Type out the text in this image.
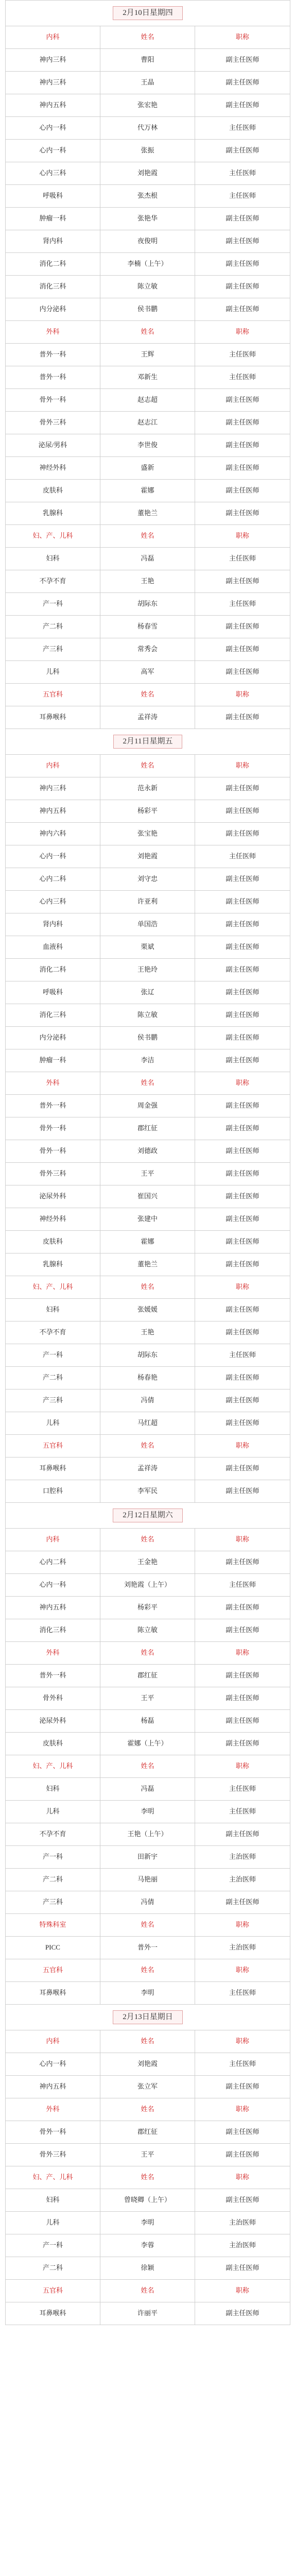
2月10日星期四		
内科	姓名	职称
神内三科	曹阳	副主任医师
神内三科	王晶	副主任医师
神内五科	张宏艳	副主任医师
心内一科	代万林	主任医师
心内一科	张振	副主任医师
心内三科	刘艳霞	主任医师
呼吸科	张杰根	主任医师
肿瘤一科	张艳华	副主任医师
肾内科	夜俊明	副主任医师
消化二科	李楠（上午）	副主任医师
消化三科	陈立敏	副主任医师
内分泌科	侯书鹏	副主任医师
外科	姓名	职称
普外一科	王辉	主任医师
普外一科	邓新生	主任医师
骨外一科	赵志超	副主任医师
骨外三科	赵志江	副主任医师
泌尿/男科	李世俊	副主任医师
神经外科	盛新	副主任医师
皮肤科	霍娜	副主任医师
乳腺科	董艳兰	副主任医师
妇、产、儿科	姓名	职称
妇科	冯磊	主任医师
不孕不育	王艳	副主任医师
产一科	胡际东	主任医师
产二科	杨春雪	副主任医师
产三科	常秀会	副主任医师
儿科	高军	副主任医师
五官科	姓名	职称
耳鼻喉科	孟祥涛	副主任医师
2月11日星期五		
内科	姓名	职称
神内三科	范永新	副主任医师
神内五科	杨彩平	副主任医师
神内六科	张宝艳	副主任医师
心内一科	刘艳霞	主任医师
心内二科	刘守忠	副主任医师
心内三科	许亚利	副主任医师
肾内科	单国浩	副主任医师
血液科	栗斌	副主任医师
消化二科	王艳玲	副主任医师
呼吸科	张辽	副主任医师
消化三科	陈立敏	副主任医师
内分泌科	侯书鹏	副主任医师
肿瘤一科	李洁	副主任医师
外科	姓名	职称
普外一科	周金强	副主任医师
骨外一科	郡红征	副主任医师
骨外一科	刘德政	副主任医师
骨外三科	王平	副主任医师
泌尿外科	崔国兴	副主任医师
神经外科	张建中	副主任医师
皮肤科	霍娜	副主任医师
乳腺科	董艳兰	副主任医师
妇、产、儿科	姓名	职称
妇科	张媛媛	副主任医师
不孕不育	王艳	副主任医师
产一科	胡际东	主任医师
产二科	杨春艳	副主任医师
产三科	冯倩	副主任医师
儿科	马红超	副主任医师
五官科	姓名	职称
耳鼻喉科	孟祥涛	副主任医师
口腔科	李军民	副主任医师
2月12日星期六		
内科	姓名	职称
心内二科	王金艳	副主任医师
心内一科	刘艳霞（上午）	主任医师
神内五科	杨彩平	副主任医师
消化三科	陈立敏	副主任医师
外科	姓名	职称
普外一科	郡红征	副主任医师
骨外科	王平	副主任医师
泌尿外科	杨磊	副主任医师
皮肤科	霍娜（上午）	副主任医师
妇、产、儿科	姓名	职称
妇科	冯磊	主任医师
儿科	李明	主任医师
不孕不育	王艳（上午）	副主任医师
产一科	田新宇	主治医师
产二科	马艳丽	主治医师
产三科	冯倩	副主任医师
特殊科室	姓名	职称
PICC	普外一	主治医师
五官科	姓名	职称
耳鼻喉科	李明	主任医师
2月13日星期日		
内科	姓名	职称
心内一科	刘艳霞	主任医师
神内五科	张立军	副主任医师
外科	姓名	职称
骨外一科	郡红征	副主任医师
骨外三科	王平	副主任医师
妇、产、儿科	姓名	职称
妇科	曾晓卿（上午）	副主任医师
儿科	李明	主治医师
产一科	李蓉	主治医师
产二科	徐颖	副主任医师
五官科	姓名	职称
耳鼻喉科	许丽平	副主任医师
